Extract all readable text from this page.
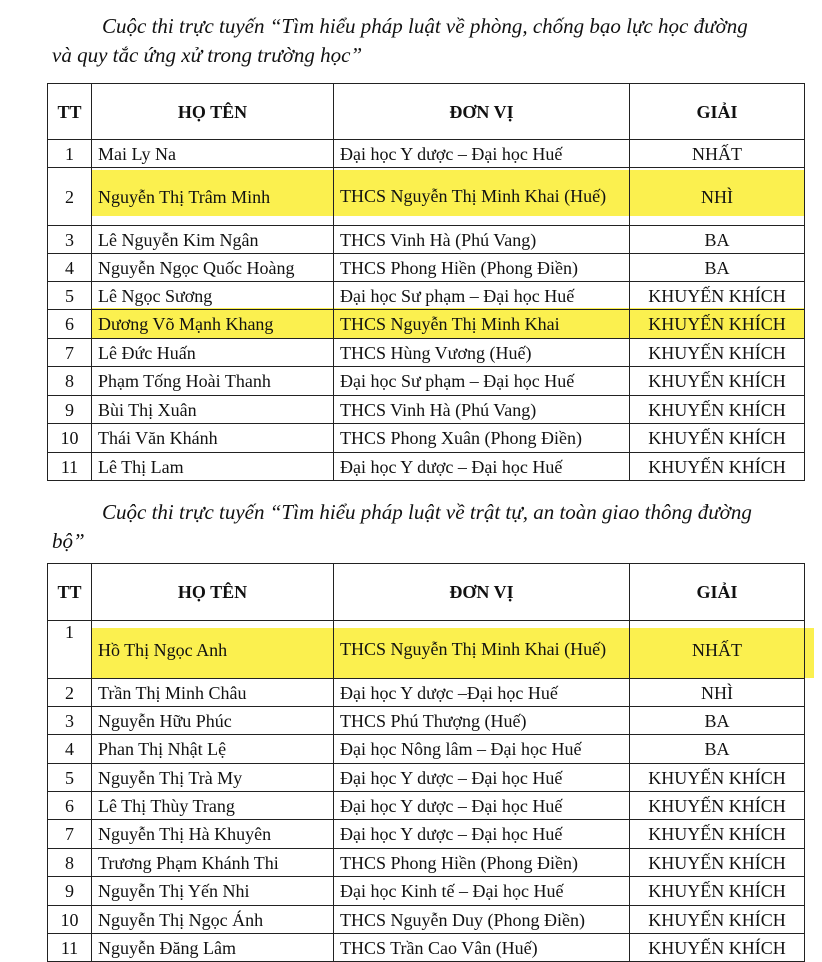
Cuộc thi trực tuyến “Tìm hiểu pháp luật về phòng, chống bạo lực học đường
và quy tắc ứng xử trong trường học”
TT	HỌ TÊN	ĐƠN VỊ	GIẢI
1	Mai Ly Na	Đại học Y dược – Đại học Huế	NHẤT
2	Nguyễn Thị Trâm Minh	THCS Nguyễn Thị Minh Khai (Huế)	NHÌ
3	Lê Nguyễn Kim Ngân	THCS Vinh Hà (Phú Vang)	BA
4	Nguyễn Ngọc Quốc Hoàng	THCS Phong Hiền (Phong Điền)	BA
5	Lê Ngọc Sương	Đại học Sư phạm – Đại học Huế	KHUYẾN KHÍCH
6	Dương Võ Mạnh Khang	THCS Nguyễn Thị Minh Khai	KHUYẾN KHÍCH
7	Lê Đức Huấn	THCS Hùng Vương (Huế)	KHUYẾN KHÍCH
8	Phạm Tống Hoài Thanh	Đại học Sư phạm – Đại học Huế	KHUYẾN KHÍCH
9	Bùi Thị Xuân	THCS Vinh Hà (Phú Vang)	KHUYẾN KHÍCH
10	Thái Văn Khánh	THCS Phong Xuân (Phong Điền)	KHUYẾN KHÍCH
11	Lê Thị Lam	Đại học Y dược – Đại học Huế	KHUYẾN KHÍCH
Cuộc thi trực tuyến “Tìm hiểu pháp luật về trật tự, an toàn giao thông đường
bộ”
TT	HỌ TÊN	ĐƠN VỊ	GIẢI
1	Hồ Thị Ngọc Anh	THCS Nguyễn Thị Minh Khai (Huế)	NHẤT
2	Trần Thị Minh Châu	Đại học Y dược –Đại học Huế	NHÌ
3	Nguyễn Hữu Phúc	THCS Phú Thượng (Huế)	BA
4	Phan Thị Nhật Lệ	Đại học Nông lâm – Đại học Huế	BA
5	Nguyễn Thị Trà My	Đại học Y dược – Đại học Huế	KHUYẾN KHÍCH
6	Lê Thị Thùy Trang	Đại học Y dược – Đại học Huế	KHUYẾN KHÍCH
7	Nguyễn Thị Hà Khuyên	Đại học Y dược – Đại học Huế	KHUYẾN KHÍCH
8	Trương Phạm Khánh Thi	THCS Phong Hiền (Phong Điền)	KHUYẾN KHÍCH
9	Nguyễn Thị Yến Nhi	Đại học Kinh tế – Đại học Huế	KHUYẾN KHÍCH
10	Nguyễn Thị Ngọc Ánh	THCS Nguyễn Duy (Phong Điền)	KHUYẾN KHÍCH
11	Nguyễn Đăng Lâm	THCS Trần Cao Vân (Huế)	KHUYẾN KHÍCH
